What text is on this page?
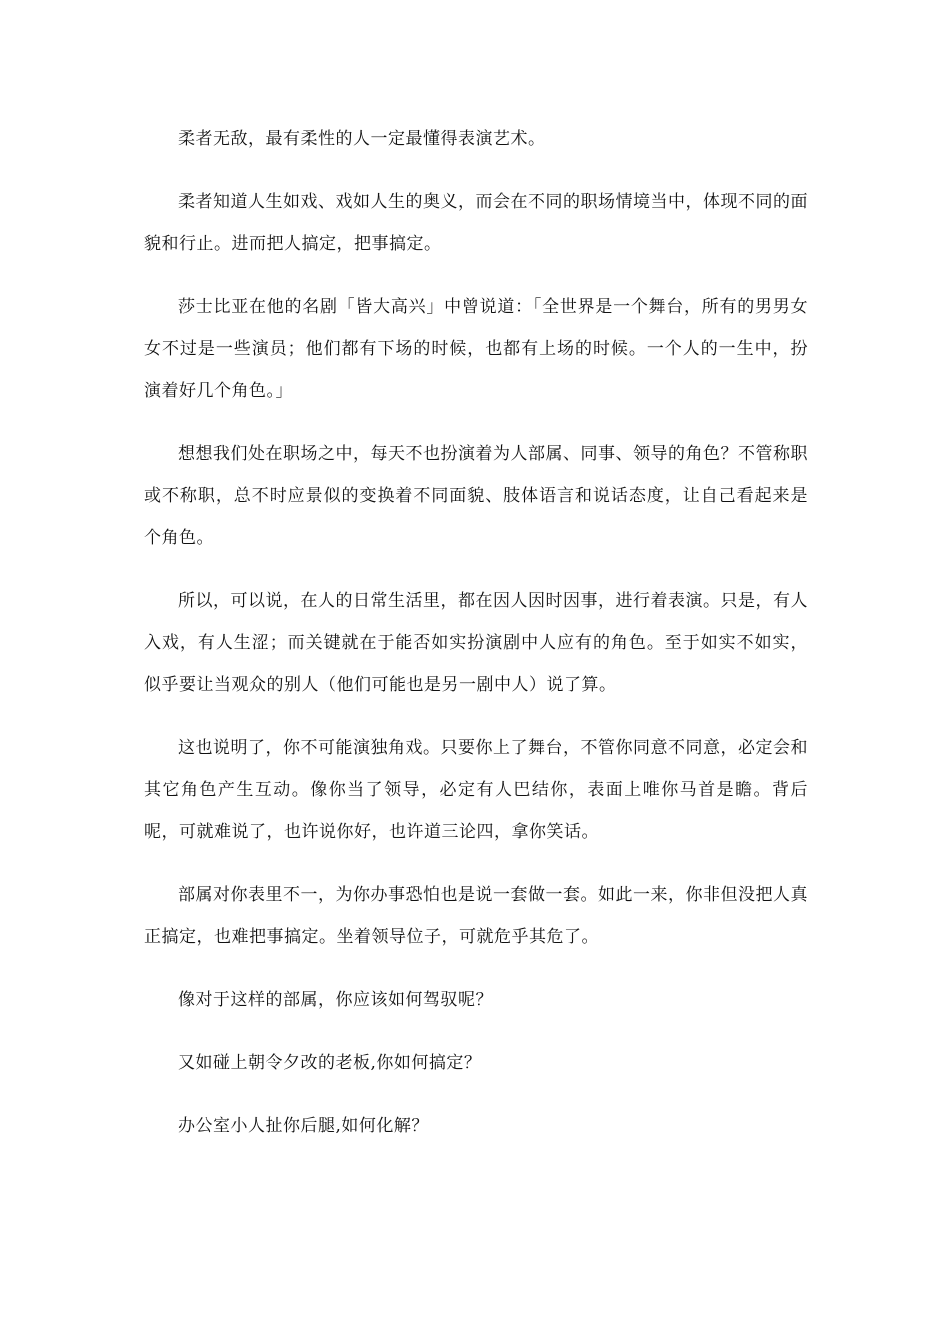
柔者无敌，最有柔性的人一定最懂得表演艺术。

柔者知道人生如戏、戏如人生的奥义，而会在不同的职场情境当中，体现不同的面貌和行止。进而把人搞定，把事搞定。

莎士比亚在他的名剧「皆大高兴」中曾说道：「全世界是一个舞台，所有的男男女女不过是一些演员；他们都有下场的时候，也都有上场的时候。一个人的一生中，扮演着好几个角色。」

想想我们处在职场之中，每天不也扮演着为人部属、同事、领导的角色？不管称职或不称职，总不时应景似的变换着不同面貌、肢体语言和说话态度，让自己看起来是个角色。

所以，可以说，在人的日常生活里，都在因人因时因事，进行着表演。只是，有人入戏，有人生涩；而关键就在于能否如实扮演剧中人应有的角色。至于如实不如实，似乎要让当观众的别人（他们可能也是另一剧中人）说了算。

这也说明了，你不可能演独角戏。只要你上了舞台，不管你同意不同意，必定会和其它角色产生互动。像你当了领导，必定有人巴结你，表面上唯你马首是瞻。背后呢，可就难说了，也许说你好，也许道三论四，拿你笑话。

部属对你表里不一，为你办事恐怕也是说一套做一套。如此一来，你非但没把人真正搞定，也难把事搞定。坐着领导位子，可就危乎其危了。

像对于这样的部属，你应该如何驾驭呢？

又如碰上朝令夕改的老板,你如何搞定？

办公室小人扯你后腿,如何化解？
